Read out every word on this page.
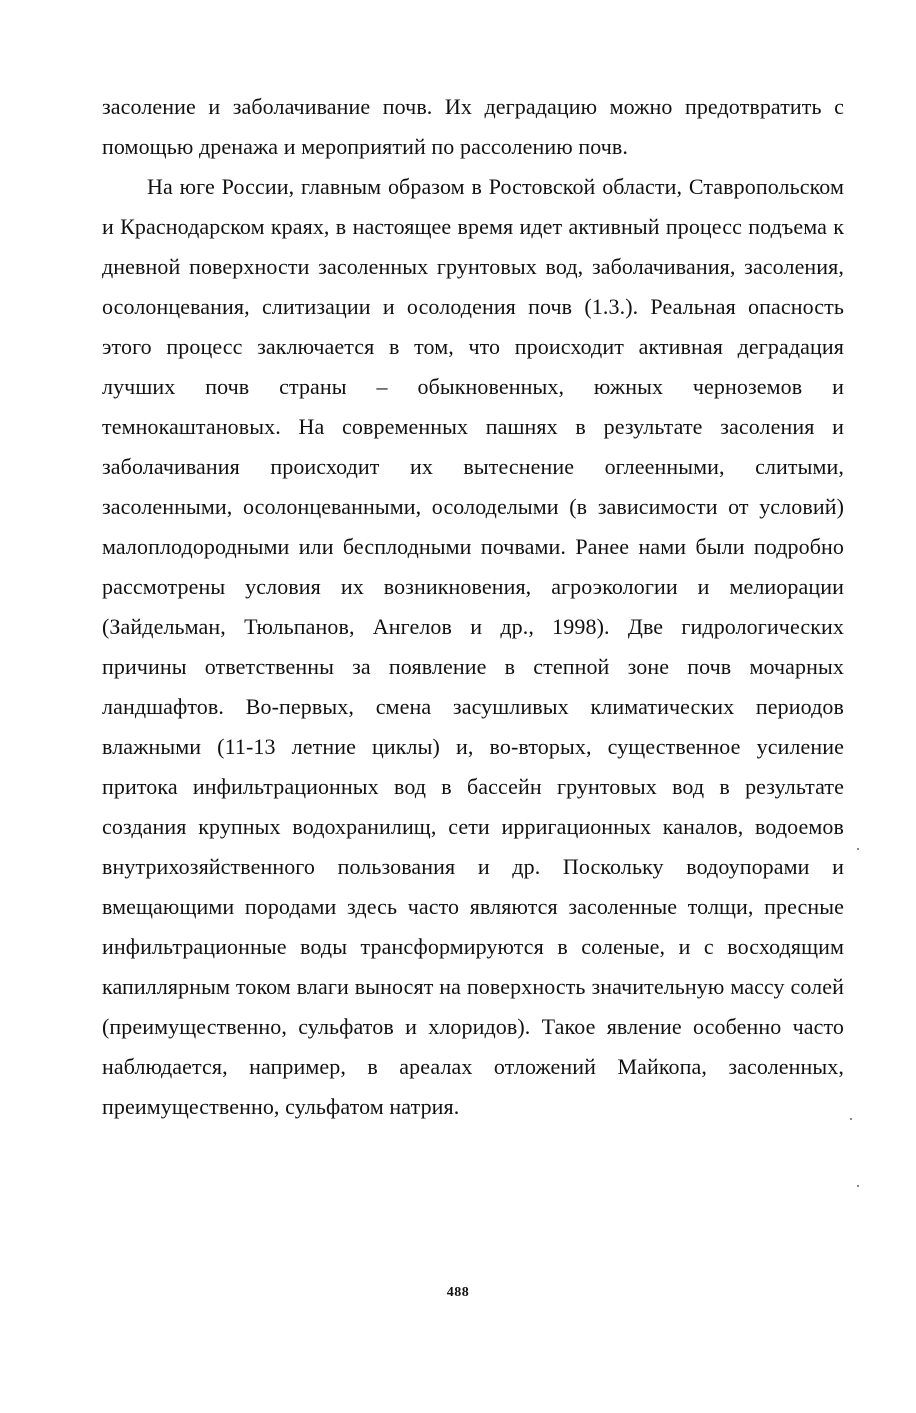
засоление и заболачивание почв. Их деградацию можно предотвратить с помощью дренажа и мероприятий по рассолению почв.

На юге России, главным образом в Ростовской области, Ставропольском и Краснодарском краях, в настоящее время идет активный процесс подъема к дневной поверхности засоленных грунтовых вод, заболачивания, засоления, осолонцевания, слитизации и осолодения почв (1.3.). Реальная опасность этого процесс заключается в том, что происходит активная деградация лучших почв страны – обыкновенных, южных черноземов и темнокаштановых. На современных пашнях в результате засоления и заболачивания происходит их вытеснение оглеенными, слитыми, засоленными, осолонцеванными, осолоделыми (в зависимости от условий) малоплодородными или бесплодными почвами. Ранее нами были подробно рассмотрены условия их возникновения, агроэкологии и мелиорации (Зайдельман, Тюльпанов, Ангелов и др., 1998). Две гидрологических причины ответственны за появление в степной зоне почв мочарных ландшафтов. Во-первых, смена засушливых климатических периодов влажными (11-13 летние циклы) и, во-вторых, существенное усиление притока инфильтрационных вод в бассейн грунтовых вод в результате создания крупных водохранилищ, сети ирригационных каналов, водоемов внутрихозяйственного пользования и др. Поскольку водоупорами и вмещающими породами здесь часто являются засоленные толщи, пресные инфильтрационные воды трансформируются в соленые, и с восходящим капиллярным током влаги выносят на поверхность значительную массу солей (преимущественно, сульфатов и хлоридов). Такое явление особенно часто наблюдается, например, в ареалах отложений Майкопа, засоленных, преимущественно, сульфатом натрия.

488
